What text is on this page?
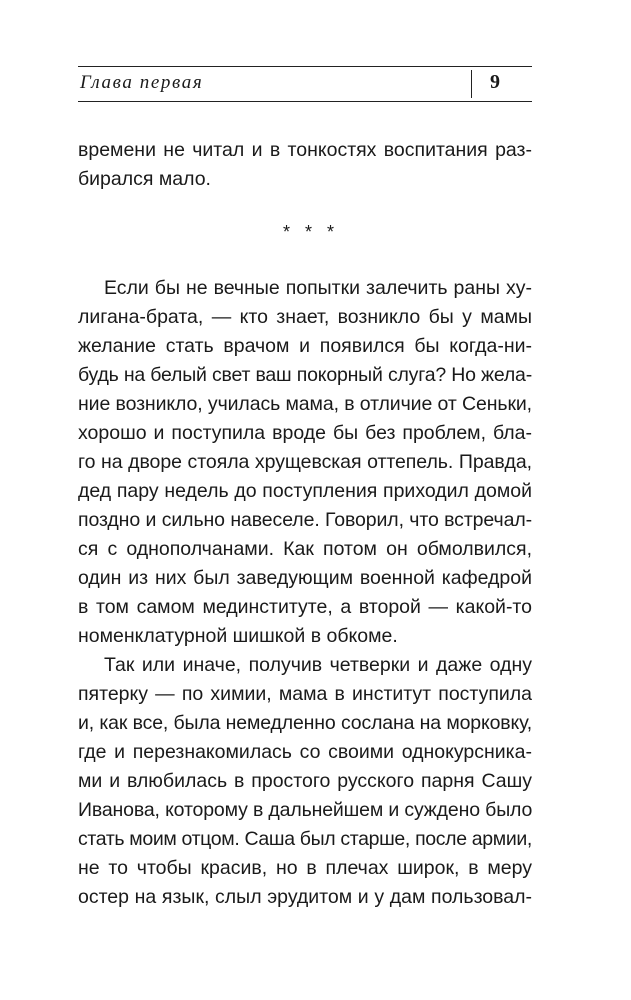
Глава первая	9
времени не читал и в тонкостях воспитания раз-
бирался мало.
* * *
Если бы не вечные попытки залечить раны ху-
лигана-брата, — кто знает, возникло бы у мамы
желание стать врачом и появился бы когда-ни-
будь на белый свет ваш покорный слуга? Но жела-
ние возникло, училась мама, в отличие от Сеньки,
хорошо и поступила вроде бы без проблем, бла-
го на дворе стояла хрущевская оттепель. Правда,
дед пару недель до поступления приходил домой
поздно и сильно навеселе. Говорил, что встречал-
ся с однополчанами. Как потом он обмолвился,
один из них был заведующим военной кафедрой
в том самом мединституте, а второй — какой-то
номенклатурной шишкой в обкоме.
Так или иначе, получив четверки и даже одну
пятерку — по химии, мама в институт поступила
и, как все, была немедленно сослана на морковку,
где и перезнакомилась со своими однокурсника-
ми и влюбилась в простого русского парня Сашу
Иванова, которому в дальнейшем и суждено было
стать моим отцом. Саша был старше, после армии,
не то чтобы красив, но в плечах широк, в меру
остер на язык, слыл эрудитом и у дам пользовал-
